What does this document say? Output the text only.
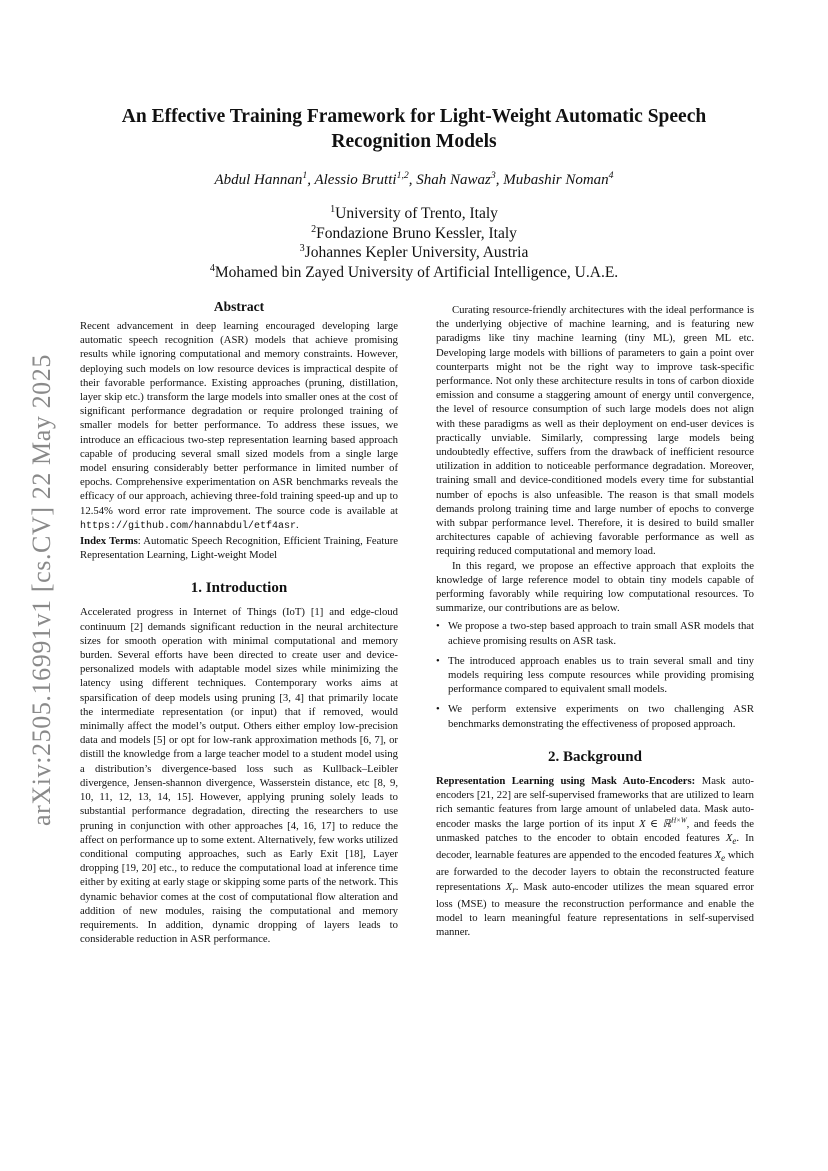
arXiv:2505.16991v1 [cs.CV] 22 May 2025
An Effective Training Framework for Light-Weight Automatic Speech
Recognition Models
Abdul Hannan$^1$, Alessio Brutti$^{1,2}$, Shah Nawaz$^3$, Mubashir Noman$^4$
$^1$University of Trento, Italy
$^2$Fondazione Bruno Kessler, Italy
$^3$Johannes Kepler University, Austria
$^4$Mohamed bin Zayed University of Artificial Intelligence, U.A.E.
Abstract

Recent advancement in deep learning encouraged developing large automatic speech recognition (ASR) models that achieve promising results while ignoring computational and memory constraints. However, deploying such models on low resource devices is impractical despite of their favorable performance. Existing approaches (pruning, distillation, layer skip etc.) transform the large models into smaller ones at the cost of significant performance degradation or require prolonged training of smaller models for better performance. To address these issues, we introduce an efficacious two-step representation learning based approach capable of producing several small sized models from a single large model ensuring considerably better performance in limited number of epochs. Comprehensive experimentation on ASR benchmarks reveals the efficacy of our approach, achieving three-fold training speed-up and up to 12.54% word error rate improvement. The source code is available at https://github.com/hannabdul/etf4asr.
Index Terms: Automatic Speech Recognition, Efficient Training, Feature Representation Learning, Light-weight Model

1. Introduction

Accelerated progress in Internet of Things (IoT) [1] and edge-cloud continuum [2] demands significant reduction in the neural architecture sizes for smooth operation with minimal computational and memory burden. Several efforts have been directed to create user and device-personalized models with adaptable model sizes while minimizing the latency using different techniques. Contemporary works aims at sparsification of deep models using pruning [3, 4] that primarily locate the intermediate representation (or input) that if removed, would minimally affect the model’s output. Others either employ low-precision data and models [5] or opt for low-rank approximation methods [6, 7], or distill the knowledge from a large teacher model to a student model using a distribution’s divergence-based loss such as Kullback–Leibler divergence, Jensen-shannon divergence, Wasserstein distance, etc [8, 9, 10, 11, 12, 13, 14, 15]. However, applying pruning solely leads to substantial performance degradation, directing the researchers to use pruning in conjunction with other approaches [4, 16, 17] to reduce the affect on performance up to some extent. Alternatively, few works utilized conditional computing approaches, such as Early Exit [18], Layer dropping [19, 20] etc., to reduce the computational load at inference time either by exiting at early stage or skipping some parts of the network. This dynamic behavior comes at the cost of computational flow alteration and addition of new modules, raising the computational and memory requirements. In addition, dynamic dropping of layers leads to considerable reduction in ASR performance.

Curating resource-friendly architectures with the ideal performance is the underlying objective of machine learning, and is featuring new paradigms like tiny machine learning (tiny ML), green ML etc. Developing large models with billions of parameters to gain a point over counterparts might not be the right way to improve task-specific performance. Not only these architecture results in tons of carbon dioxide emission and consume a staggering amount of energy until convergence, the level of resource consumption of such large models does not align with these paradigms as well as their deployment on end-user devices is practically unviable. Similarly, compressing large models being undoubtedly effective, suffers from the drawback of inefficient resource utilization in addition to noticeable performance degradation. Moreover, training small and device-conditioned models every time for substantial number of epochs is also unfeasible. The reason is that small models demands prolong training time and large number of epochs to converge with subpar performance level. Therefore, it is desired to build smaller architectures capable of achieving favorable performance as well as requiring reduced computational and memory load.

In this regard, we propose an effective approach that exploits the knowledge of large reference model to obtain tiny models capable of performing favorably while requiring low computational resources. To summarize, our contributions are as below.

• We propose a two-step based approach to train small ASR models that achieve promising results on ASR task.
• The introduced approach enables us to train several small and tiny models requiring less compute resources while providing promising performance compared to equivalent small models.
• We perform extensive experiments on two challenging ASR benchmarks demonstrating the effectiveness of proposed approach.
2. Background

Representation Learning using Mask Auto-Encoders: Mask auto-encoders [21, 22] are self-supervised frameworks that are utilized to learn rich semantic features from large amount of unlabeled data. Mask auto-encoder masks the large portion of its input X ∈ ℝ$^{H\times W}$, and feeds the unmasked patches to the encoder to obtain encoded features $X_e$. In decoder, learnable features are appended to the encoded features $X_e$ which are forwarded to the decoder layers to obtain the reconstructed feature representations $X_r$. Mask auto-encoder utilizes the mean squared error loss (MSE) to measure the reconstruction performance and enable the model to learn meaningful feature representations in self-supervised manner.
